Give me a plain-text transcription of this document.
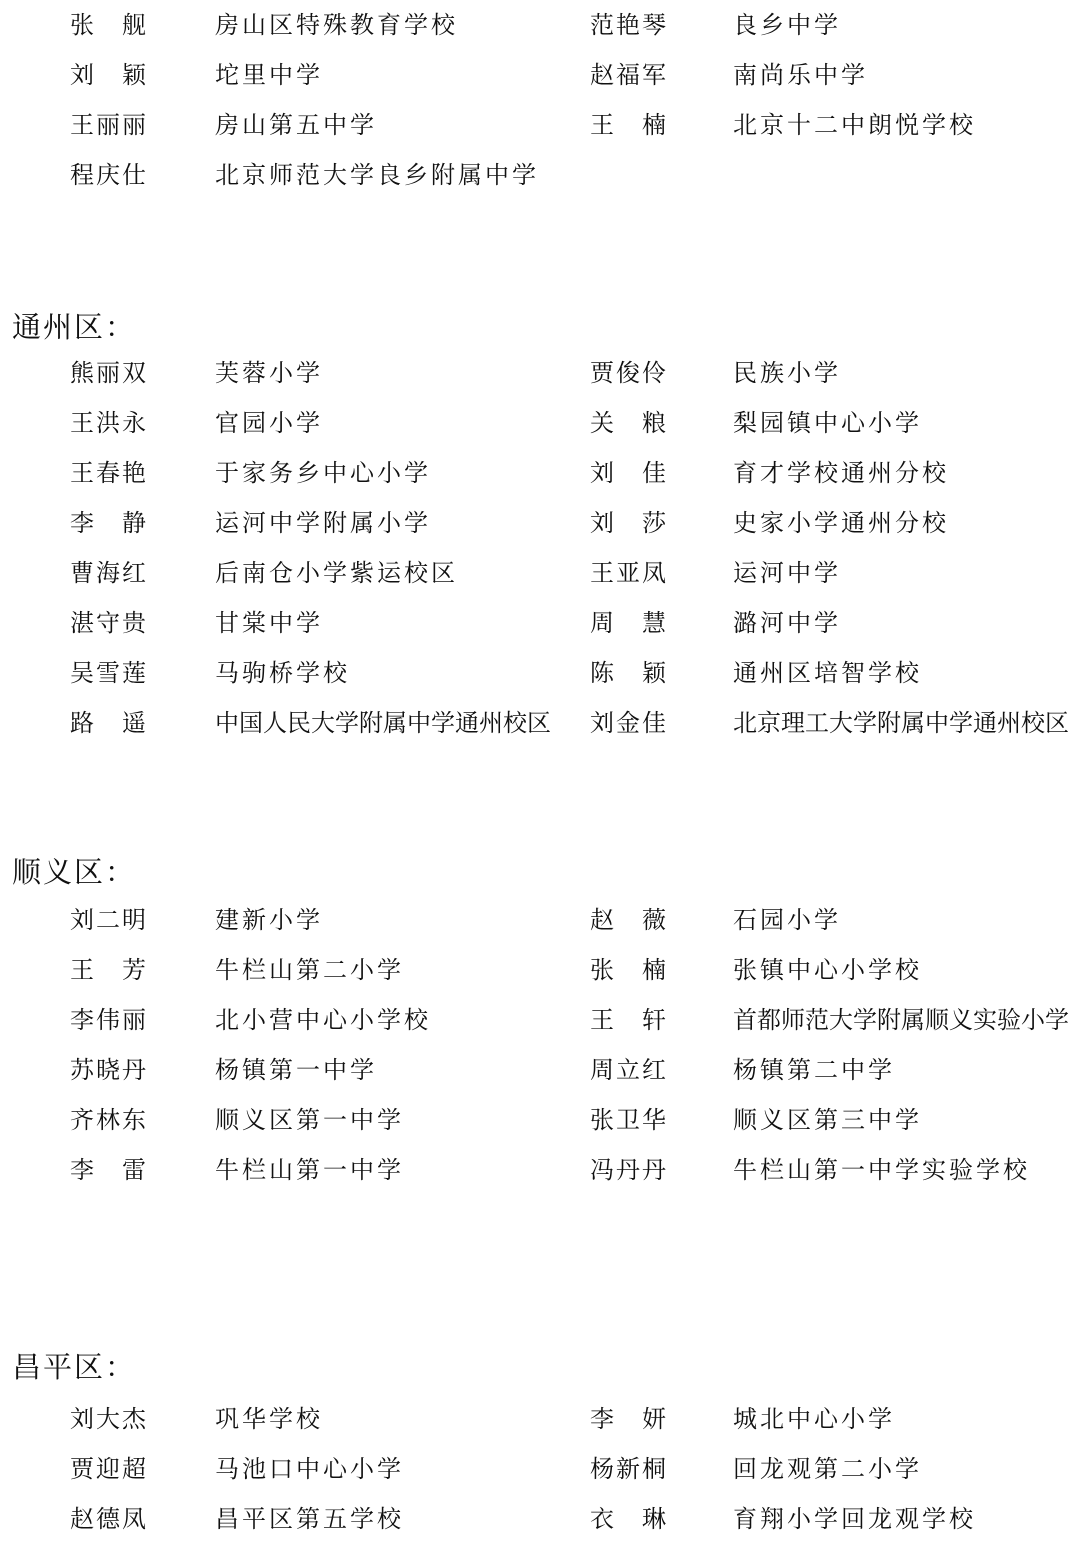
张　舰	房山区特殊教育学校	范艳琴	良乡中学
刘　颖	坨里中学	赵福军	南尚乐中学
王丽丽	房山第五中学	王　楠	北京十二中朗悦学校
程庆仕	北京师范大学良乡附属中学
通州区：
熊丽双	芙蓉小学	贾俊伶	民族小学
王洪永	官园小学	关　粮	梨园镇中心小学
王春艳	于家务乡中心小学	刘　佳	育才学校通州分校
李　静	运河中学附属小学	刘　莎	史家小学通州分校
曹海红	后南仓小学紫运校区	王亚凤	运河中学
湛守贵	甘棠中学	周　慧	潞河中学
吴雪莲	马驹桥学校	陈　颖	通州区培智学校
路　遥	中国人民大学附属中学通州校区 刘金佳	北京理工大学附属中学通州校区
顺义区：
刘二明	建新小学	赵　薇	石园小学
王　芳	牛栏山第二小学	张　楠	张镇中心小学校
李伟丽	北小营中心小学校	王　轩	首都师范大学附属顺义实验小学
苏晓丹	杨镇第一中学	周立红	杨镇第二中学
齐林东	顺义区第一中学	张卫华	顺义区第三中学
李　雷	牛栏山第一中学	冯丹丹	牛栏山第一中学实验学校
昌平区：
刘大杰	巩华学校	李　妍	城北中心小学
贾迎超	马池口中心小学	杨新桐	回龙观第二小学
赵德凤	昌平区第五学校	衣　琳	育翔小学回龙观学校
